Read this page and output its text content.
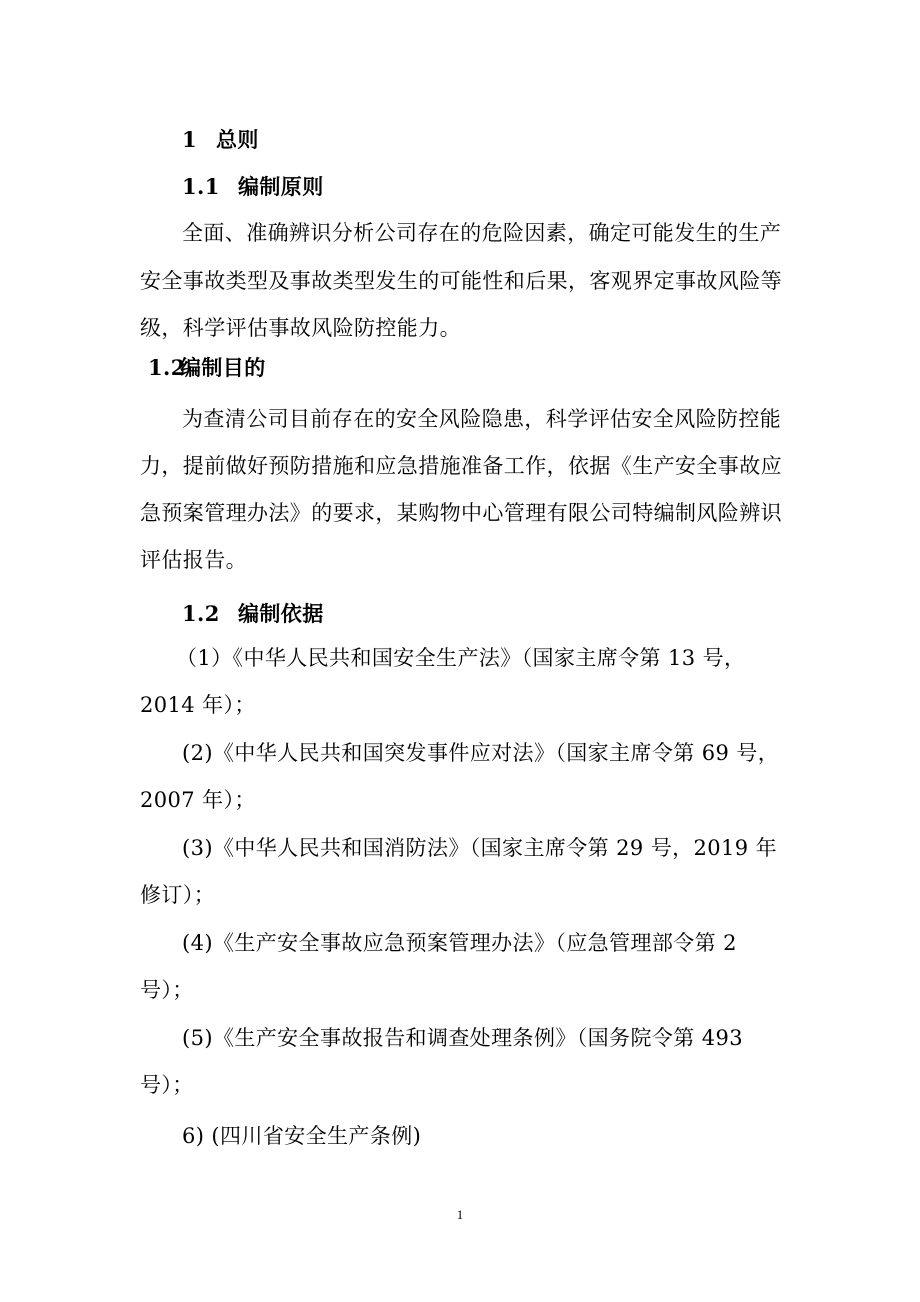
1 总则
1.1 编制原则
全面、准确辨识分析公司存在的危险因素，确定可能发生的生产
安全事故类型及事故类型发生的可能性和后果，客观界定事故风险等
级，科学评估事故风险防控能力。
1.2编制目的
为查清公司目前存在的安全风险隐患，科学评估安全风险防控能
力，提前做好预防措施和应急措施准备工作，依据《生产安全事故应
急预案管理办法》的要求，某购物中心管理有限公司特编制风险辨识
评估报告。
1.2 编制依据
（1）《中华人民共和国安全生产法》（国家主席令第 13 号，
2014 年）；
(2)《中华人民共和国突发事件应对法》（国家主席令第 69 号，
2007 年）；
(3)《中华人民共和国消防法》（国家主席令第 29 号，2019 年
修订）；
(4)《生产安全事故应急预案管理办法》（应急管理部令第 2
号）；
(5)《生产安全事故报告和调查处理条例》（国务院令第 493
号）；
6) (四川省安全生产条例)
1
